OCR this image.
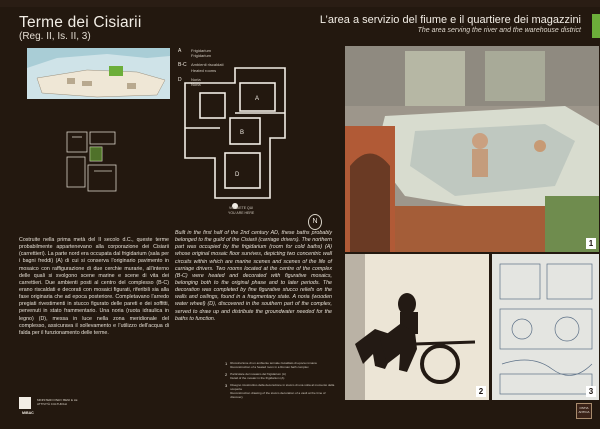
Terme dei Cisiarii
(Reg. II, Is. II, 3)
L’area a servizio del fiume e il quartiere dei magazzini
The area serving the river and the warehouse district
A	Frigidarium
Frigidarium
B-C	Ambienti riscaldati
Heated rooms
D	Noria
Noria
A
B
D
VOI SIETE QUI
YOU ARE HERE
N
Costruite nella prima metà del II secolo d.C., queste terme probabilmente appartenevano alla corporazione dei Cisiarii (carrettieri). La parte nord era occupata dal frigidarium (sala per i bagni freddi) (A) di cui si conserva l’originario pavimento in mosaico con raffigurazione di due cerchie murarie, all’interno delle quali si svolgono scene marine e scene di vita dei carrettieri. Due ambienti posti al centro del complesso (B-C) erano riscaldati e decorati con mosaici figurati, riferibili sia alla fase originaria che ad epoca posteriore. Completavano l’arredo pregiati rivestimenti in stucco figurato delle pareti e dei soffitti, pervenuti in stato frammentario. Una noria (ruota idraulica in legno) (D), messa in luce nella zona meridionale del complesso, assicurava il sollevamento e l’utilizzo dell’acqua di falda per il funzionamento delle terme.
Built in the first half of the 2nd century AD, these baths probably belonged to the guild of the Cisiarii (carriage drivers). The northern part was occupied by the frigidarium (room for cold baths) (A) whose original mosaic floor survives, depicting two concentric wall circuits within which are marine scenes and scenes of the life of carriage drivers. Two rooms located at the centre of the complex (B-C) were heated and decorated with figurative mosaics, belonging both to the original phase and to later periods. The decoration was completed by fine figurative stucco reliefs on the walls and ceilings, found in a fragmentary state. A noria (wooden water wheel) (D), discovered in the southern part of the complex, served to draw up and distribute the groundwater needed for the baths to function.
1 Ricostruzione di un ambiente termale riscaldato di epoca romana
Reconstruction of a heated room in a Roman bath complex
2 Particolare del mosaico del frigidarium (A)
Detail of the mosaic in the frigidarium (A)
3 Disegno ricostruttivo della decorazione in stucco di una volta al momento della scoperta
Reconstruction drawing of the stucco decoration of a vault at the time of discovery
MiBAC
MINISTERO PER I BENI E LE ATTIVITÀ CULTURALI
OSTIA ANTICA
1
2	3
